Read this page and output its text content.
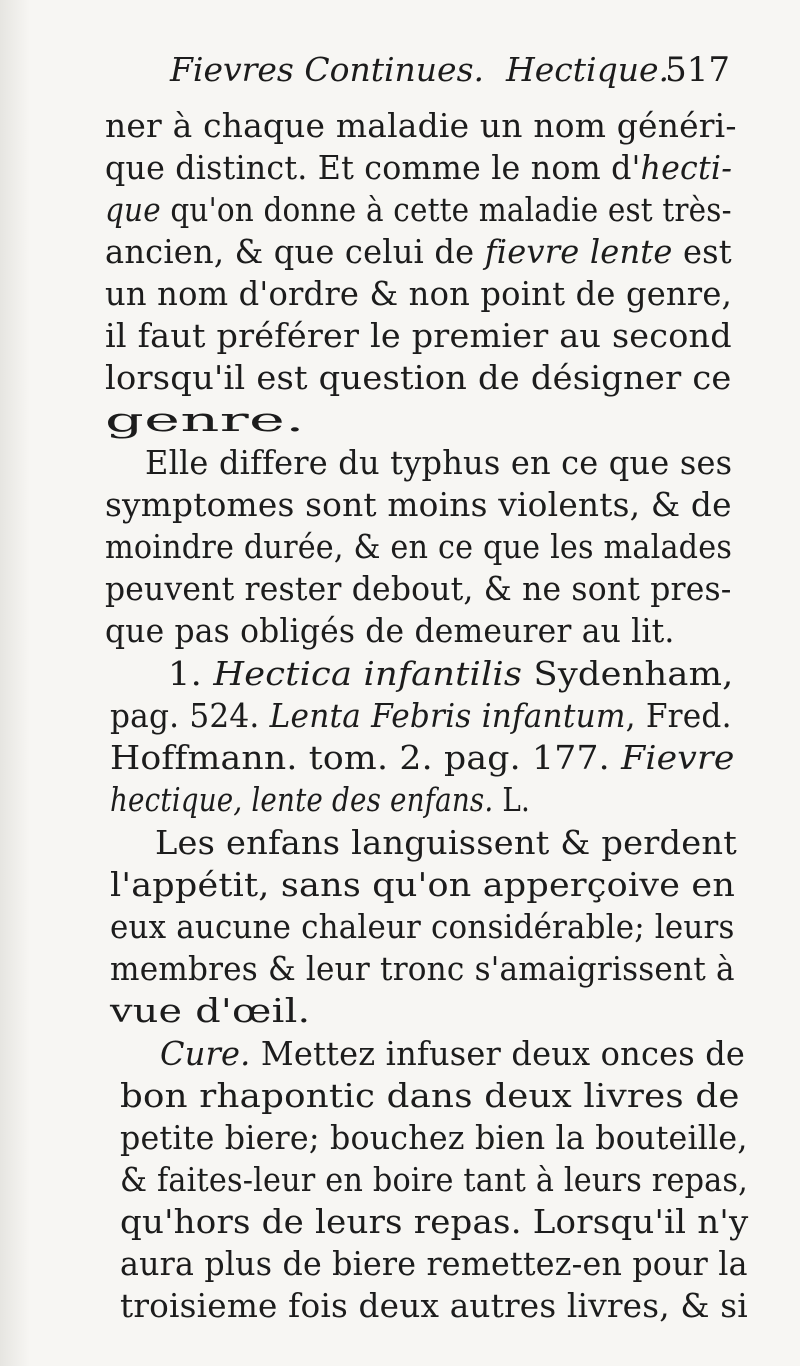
Fievres Continues. Hectique.
517
ner à chaque maladie un nom généri-
que distinct. Et comme le nom d'hecti-
que qu'on donne à cette maladie est très-
ancien, & que celui de fievre lente est
un nom d'ordre & non point de genre,
il faut préférer le premier au second
lorsqu'il est question de désigner ce
genre.
Elle differe du typhus en ce que ses
symptomes sont moins violents, & de
moindre durée, & en ce que les malades
peuvent rester debout, & ne sont pres-
que pas obligés de demeurer au lit.
1. Hectica infantilis Sydenham,
pag. 524. Lenta Febris infantum, Fred.
Hoffmann. tom. 2. pag. 177. Fievre
hectique, lente des enfans. L.
Les enfans languissent & perdent
l'appétit, sans qu'on apperçoive en
eux aucune chaleur considérable; leurs
membres & leur tronc s'amaigrissent à
vue d'œil.
Cure. Mettez infuser deux onces de
bon rhapontic dans deux livres de
petite biere; bouchez bien la bouteille,
& faites-leur en boire tant à leurs repas,
qu'hors de leurs repas. Lorsqu'il n'y
aura plus de biere remettez-en pour la
troisieme fois deux autres livres, & si
